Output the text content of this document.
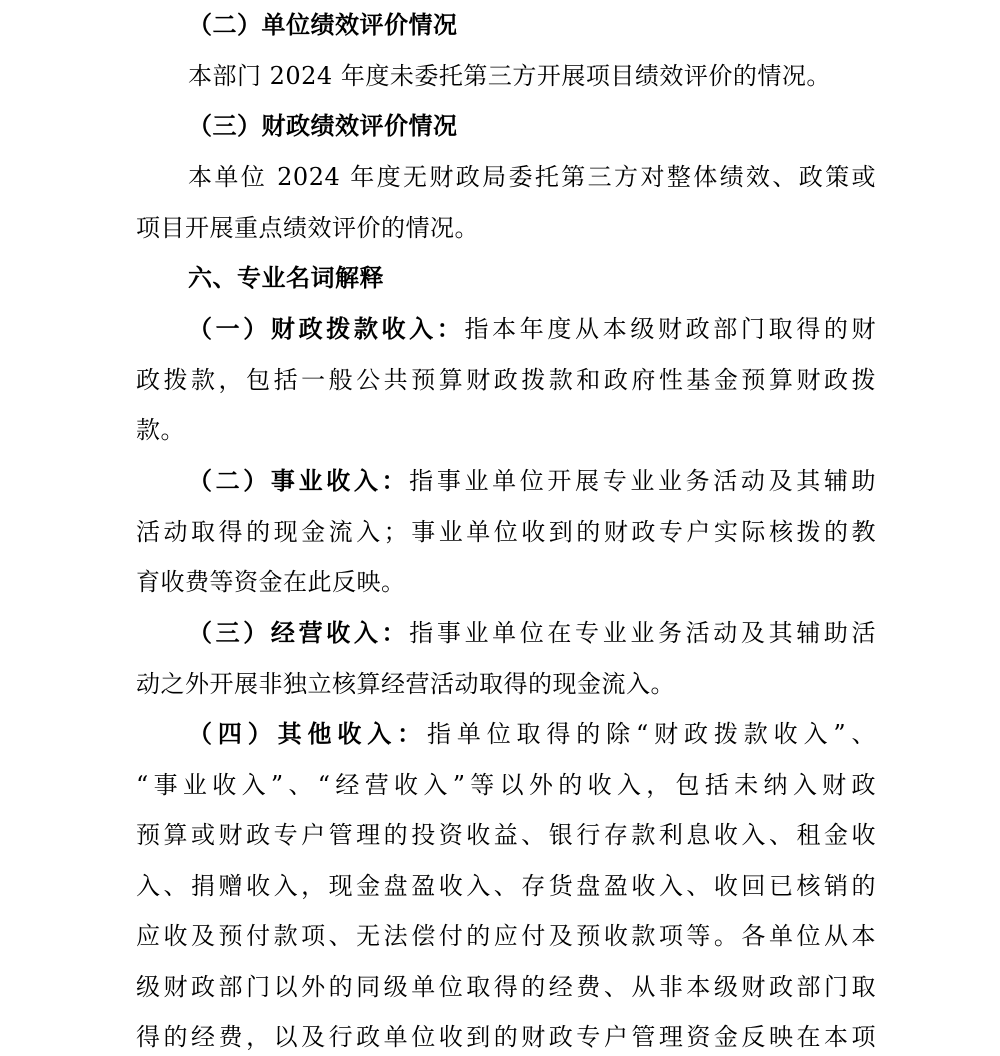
（二）单位绩效评价情况
本部门 2024 年度未委托第三方开展项目绩效评价的情况。
（三）财政绩效评价情况
本单位 2024 年度无财政局委托第三方对整体绩效、政策或
项目开展重点绩效评价的情况。
六、专业名词解释
（一）财政拨款收入：指本年度从本级财政部门取得的财
政拨款，包括一般公共预算财政拨款和政府性基金预算财政拨
款。
（二）事业收入：指事业单位开展专业业务活动及其辅助
活动取得的现金流入；事业单位收到的财政专户实际核拨的教
育收费等资金在此反映。
（三）经营收入：指事业单位在专业业务活动及其辅助活
动之外开展非独立核算经营活动取得的现金流入。
（四）其他收入：指单位取得的除“财政拨款收入”、
“事业收入”、“经营收入”等以外的收入，包括未纳入财政
预算或财政专户管理的投资收益、银行存款利息收入、租金收
入、捐赠收入，现金盘盈收入、存货盘盈收入、收回已核销的
应收及预付款项、无法偿付的应付及预收款项等。各单位从本
级财政部门以外的同级单位取得的经费、从非本级财政部门取
得的经费，以及行政单位收到的财政专户管理资金反映在本项
